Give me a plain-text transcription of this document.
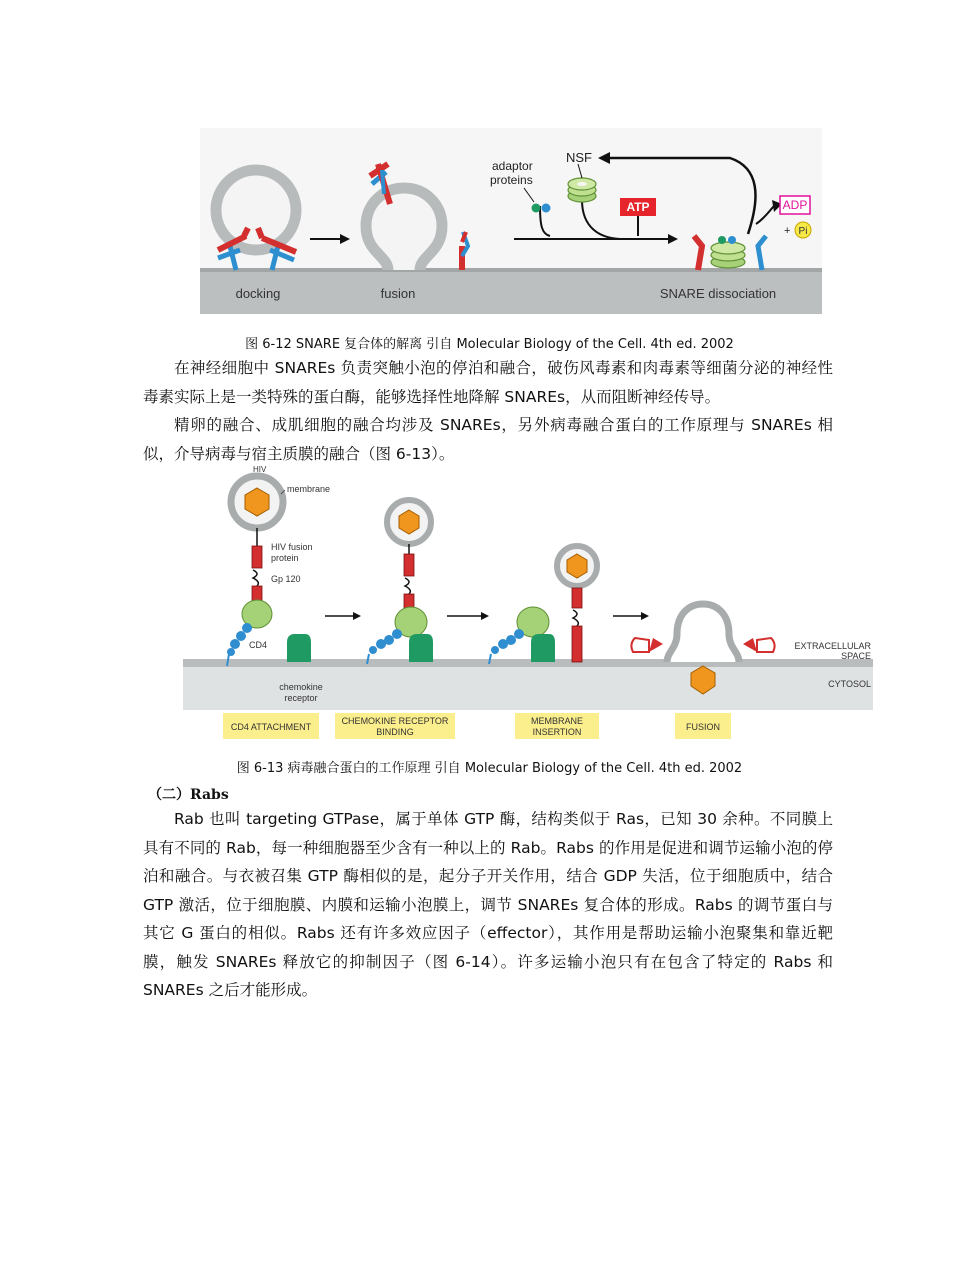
adaptor
proteins
NSF
ATP	ADP
+ Pi
docking	fusion	SNARE dissociation
图 6-12 SNARE 复合体的解离 引自 Molecular Biology of the Cell. 4th ed. 2002

在神经细胞中 SNAREs 负责突触小泡的停泊和融合，破伤风毒素和肉毒素等细菌分泌的神经性毒素实际上是一类特殊的蛋白酶，能够选择性地降解 SNAREs，从而阻断神经传导。

精卵的融合、成肌细胞的融合均涉及 SNAREs，另外病毒融合蛋白的工作原理与 SNAREs 相似，介导病毒与宿主质膜的融合（图 6-13）。

HIV
membrane
HIV fusion
protein
Gp 120
CD4
chemokine
receptor
EXTRACELLULAR
SPACE
CYTOSOL
CD4 ATTACHMENT
CHEMOKINE RECEPTOR
BINDING
MEMBRANE
INSERTION	FUSION
图 6-13 病毒融合蛋白的工作原理 引自 Molecular Biology of the Cell. 4th ed. 2002
（二）Rabs

Rab 也叫 targeting GTPase，属于单体 GTP 酶，结构类似于 Ras，已知 30 余种。不同膜上具有不同的 Rab，每一种细胞器至少含有一种以上的 Rab。Rabs 的作用是促进和调节运输小泡的停泊和融合。与衣被召集 GTP 酶相似的是，起分子开关作用，结合 GDP 失活，位于细胞质中，结合 GTP 激活，位于细胞膜、内膜和运输小泡膜上，调节 SNAREs 复合体的形成。Rabs 的调节蛋白与其它 G 蛋白的相似。Rabs 还有许多效应因子（effector），其作用是帮助运输小泡聚集和靠近靶膜，触发 SNAREs 释放它的抑制因子（图 6-14）。许多运输小泡只有在包含了特定的 Rabs 和 SNAREs 之后才能形成。
